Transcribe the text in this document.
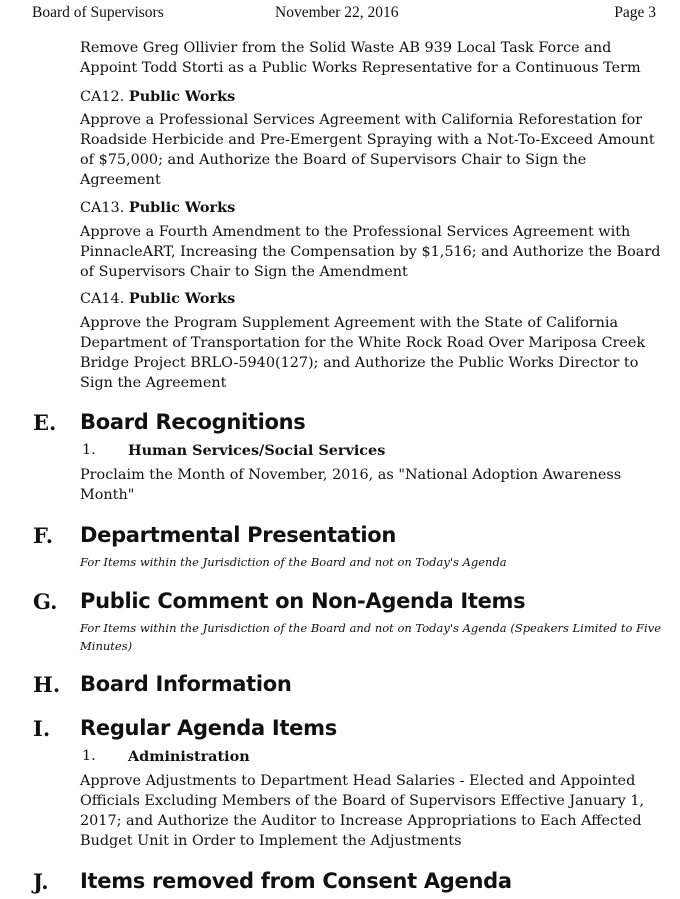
Board of Supervisors	November 22, 2016	Page 3
Remove Greg Ollivier from the Solid Waste AB 939 Local Task Force and Appoint Todd Storti as a Public Works Representative for a Continuous Term
CA12. Public Works
Approve a Professional Services Agreement with California Reforestation for Roadside Herbicide and Pre-Emergent Spraying with a Not-To-Exceed Amount of $75,000; and Authorize the Board of Supervisors Chair to Sign the Agreement
CA13. Public Works
Approve a Fourth Amendment to the Professional Services Agreement with PinnacleART, Increasing the Compensation by $1,516; and Authorize the Board of Supervisors Chair to Sign the Amendment
CA14. Public Works
Approve the Program Supplement Agreement with the State of California Department of Transportation for the White Rock Road Over Mariposa Creek Bridge Project BRLO-5940(127); and Authorize the Public Works Director to Sign the Agreement
E. Board Recognitions
1. Human Services/Social Services
Proclaim the Month of November, 2016, as "National Adoption Awareness Month"
F. Departmental Presentation
For Items within the Jurisdiction of the Board and not on Today's Agenda
G. Public Comment on Non-Agenda Items
For Items within the Jurisdiction of the Board and not on Today's Agenda (Speakers Limited to Five Minutes)
H. Board Information
I. Regular Agenda Items
1. Administration
Approve Adjustments to Department Head Salaries - Elected and Appointed Officials Excluding Members of the Board of Supervisors Effective January 1, 2017; and Authorize the Auditor to Increase Appropriations to Each Affected Budget Unit in Order to Implement the Adjustments
J. Items removed from Consent Agenda
